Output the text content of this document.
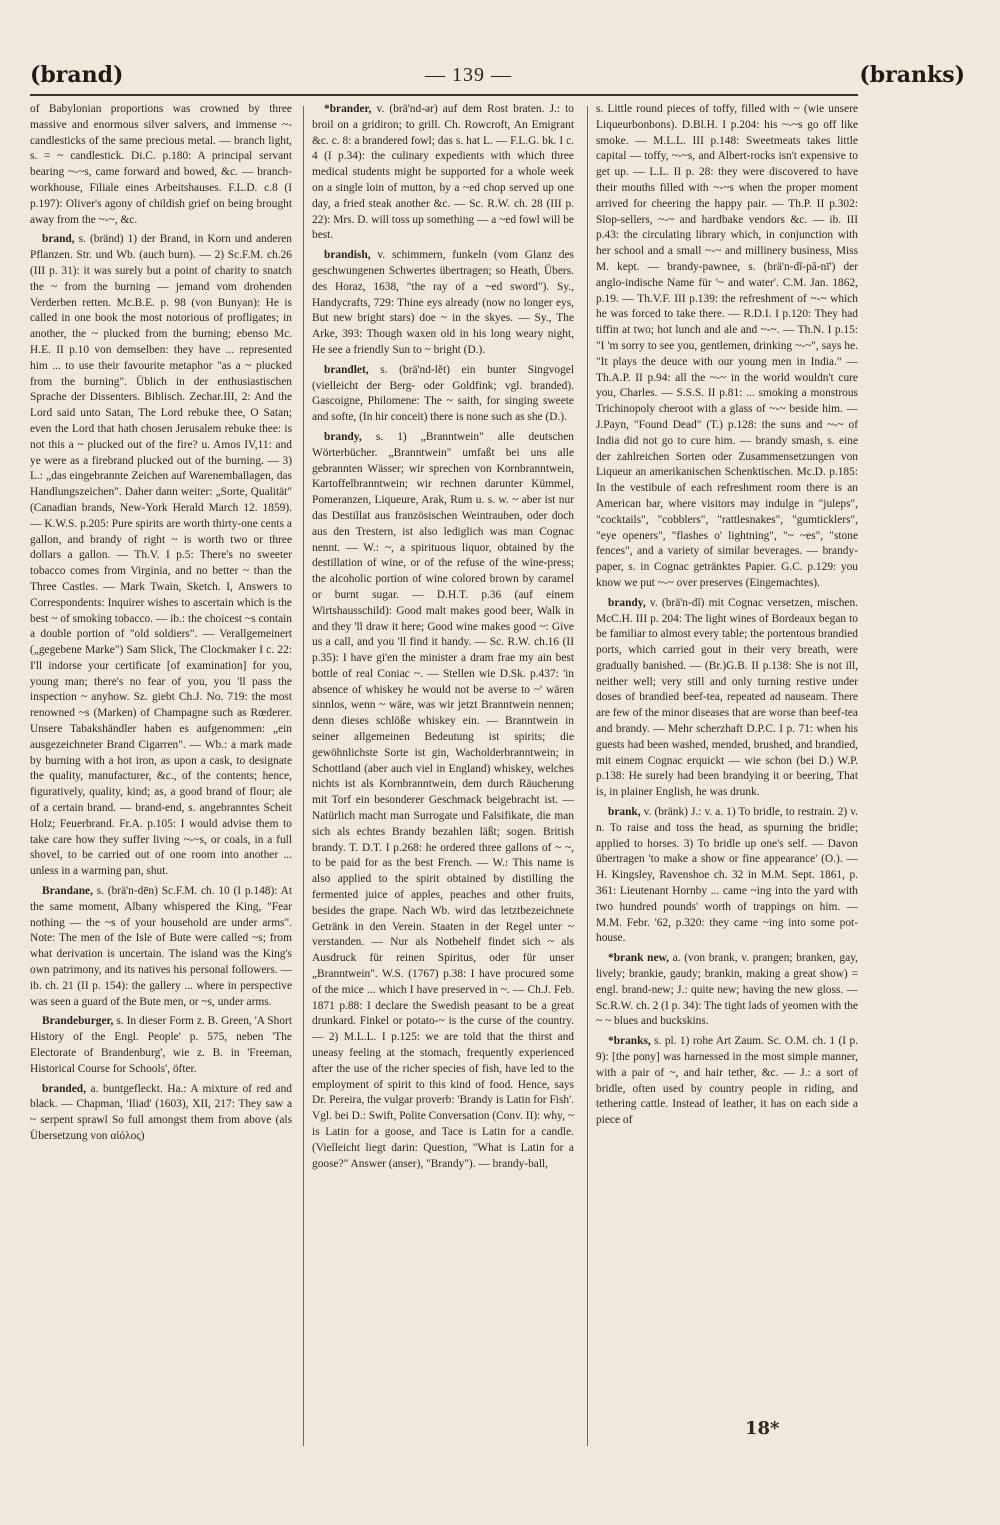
(brand)	— 139 —	(branks)

of Babylonian proportions was crowned by three massive and enormous silver salvers, and immense ~-candlesticks of the same precious metal. — branch light, s. = ~ candlestick. Di.C. p.180: A principal servant bearing ~-~s, came forward and bowed, &c. — branch-workhouse, Filiale eines Arbeitshauses. F.L.D. c.8 (I p.197): Oliver's agony of childish grief on being brought away from the ~-~, &c.

brand, s. (bränd) 1) der Brand, in Korn und anderen Pflanzen. Str. und Wb. (auch burn). — 2) Sc.F.M. ch.26 (III p. 31): it was surely but a point of charity to snatch the ~ from the burning — jemand vom drohenden Verderben retten. Mc.B.E. p. 98 (von Bunyan): He is called in one book the most notorious of profligates; in another, the ~ plucked from the burning; ebenso Mc. H.E. II p.10 von demselben: they have ... represented him ... to use their favourite metaphor "as a ~ plucked from the burning". Üblich in der enthusiastischen Sprache der Dissenters. Biblisch. Zechar.III, 2: And the Lord said unto Satan, The Lord rebuke thee, O Satan; even the Lord that hath chosen Jerusalem rebuke thee: is not this a ~ plucked out of the fire? u. Amos IV,11: and ye were as a firebrand plucked out of the burning. — 3) L.: „das eingebrannte Zeichen auf Warenemballagen, das Handlungszeichen". Daher dann weiter: „Sorte, Qualität" (Canadian brands, New-York Herald March 12. 1859). — K.W.S. p.205: Pure spirits are worth thirty-one cents a gallon, and brandy of right ~ is worth two or three dollars a gallon. — Th.V. I p.5: There's no sweeter tobacco comes from Virginia, and no better ~ than the Three Castles. — Mark Twain, Sketch. I, Answers to Correspondents: Inquirer wishes to ascertain which is the best ~ of smoking tobacco. — ib.: the choicest ~s contain a double portion of "old soldiers". — Verallgemeinert („gegebene Marke") Sam Slick, The Clockmaker I c. 22: I'll indorse your certificate [of examination] for you, young man; there's no fear of you, you 'll pass the inspection ~ anyhow. Sz. giebt Ch.J. No. 719: the most renowned ~s (Marken) of Champagne such as Rœderer. Unsere Tabakshändler haben es aufgenommen: „ein ausgezeichneter Brand Cigarren". — Wb.: a mark made by burning with a hot iron, as upon a cask, to designate the quality, manufacturer, &c., of the contents; hence, figuratively, quality, kind; as, a good brand of flour; ale of a certain brand. — brand-end, s. angebranntes Scheit Holz; Feuerbrand. Fr.A. p.105: I would advise them to take care how they suffer living ~-~s, or coals, in a full shovel, to be carried out of one room into another ... unless in a warming pan, shut.

Brandane, s. (brä'n-dēn) Sc.F.M. ch. 10 (I p.148): At the same moment, Albany whispered the King, "Fear nothing — the ~s of your household are under arms". Note: The men of the Isle of Bute were called ~s; from what derivation is uncertain. The island was the King's own patrimony, and its natives his personal followers. — ib. ch. 21 (II p. 154): the gallery ... where in perspective was seen a guard of the Bute men, or ~s, under arms.

Brandeburger, s. In dieser Form z. B. Green, 'A Short History of the Engl. People' p. 575, neben 'The Electorate of Brandenburg', wie z. B. in 'Freeman, Historical Course for Schools', öfter.

branded, a. buntgefleckt. Ha.: A mixture of red and black. — Chapman, 'Iliad' (1603), XII, 217: They saw a ~ serpent sprawl So full amongst them from above (als Übersetzung von αἰόλος)

*brander, v. (brä'nd-ər) auf dem Rost braten. J.: to broil on a gridiron; to grill. Ch. Rowcroft, An Emigrant &c. c. 8: a brandered fowl; das s. hat L. — F.L.G. bk. I c. 4 (I p.34): the culinary expedients with which three medical students might be supported for a whole week on a single loin of mutton, by a ~ed chop served up one day, a fried steak another &c. — Sc. R.W. ch. 28 (III p. 22): Mrs. D. will toss up something — a ~ed fowl will be best.

brandish, v. schimmern, funkeln (vom Glanz des geschwungenen Schwertes übertragen; so Heath, Übers. des Horaz, 1638, "the ray of a ~ed sword"). Sy., Handycrafts, 729: Thine eys already (now no longer eys, But new bright stars) doe ~ in the skyes. — Sy., The Arke, 393: Though waxen old in his long weary night, He see a friendly Sun to ~ bright (D.).

brandlet, s. (brä'nd-lět) ein bunter Singvogel (vielleicht der Berg- oder Goldfink; vgl. branded). Gascoigne, Philomene: The ~ saith, for singing sweete and softe, (In hir conceit) there is none such as she (D.).

brandy, s. 1) „Branntwein" alle deutschen Wörterbücher. „Branntwein" umfaßt bei uns alle gebrannten Wässer; wir sprechen von Kornbranntwein, Kartoffelbranntwein; wir rechnen darunter Kümmel, Pomeranzen, Liqueure, Arak, Rum u. s. w. ~ aber ist nur das Destillat aus französischen Weintrauben, oder doch aus den Trestern, ist also lediglich was man Cognac nennt. — W.: ~, a spirituous liquor, obtained by the destillation of wine, or of the refuse of the wine-press; the alcoholic portion of wine colored brown by caramel or burnt sugar. — D.H.T. p.36 (auf einem Wirtshausschild): Good malt makes good beer, Walk in and they 'll draw it here; Good wine makes good ~: Give us a call, and you 'll find it handy. — Sc. R.W. ch.16 (II p.35): I have gi'en the minister a dram frae my ain best bottle of real Coniac ~. — Stellen wie D.Sk. p.437: 'in absence of whiskey he would not be averse to ~' wären sinnlos, wenn ~ wäre, was wir jetzt Branntwein nennen; denn dieses schlöße whiskey ein. — Branntwein in seiner allgemeinen Bedeutung ist spirits; die gewöhnlichste Sorte ist gin, Wacholderbranntwein; in Schottland (aber auch viel in England) whiskey, welches nichts ist als Kornbranntwein, dem durch Räucherung mit Torf ein besonderer Geschmack beigebracht ist. — Natürlich macht man Surrogate und Falsifikate, die man sich als echtes Brandy bezahlen läßt; sogen. British brandy. T. D.T. I p.268: he ordered three gallons of ~ ~, to be paid for as the best French. — W.: This name is also applied to the spirit obtained by distilling the fermented juice of apples, peaches and other fruits, besides the grape. Nach Wb. wird das letztbezeichnete Getränk in den Verein. Staaten in der Regel unter ~ verstanden. — Nur als Notbehelf findet sich ~ als Ausdruck für reinen Spiritus, oder für unser „Branntwein". W.S. (1767) p.38: I have procured some of the mice ... which I have preserved in ~. — Ch.J. Feb. 1871 p.88: I declare the Swedish peasant to be a great drunkard. Finkel or potato-~ is the curse of the country. — 2) M.L.L. I p.125: we are told that the thirst and uneasy feeling at the stomach, frequently experienced after the use of the richer species of fish, have led to the employment of spirit to this kind of food. Hence, says Dr. Pereira, the vulgar proverb: 'Brandy is Latin for Fish'. Vgl. bei D.: Swift, Polite Conversation (Conv. II): why, ~ is Latin for a goose, and Tace is Latin for a candle. (Vielleicht liegt darin: Question, "What is Latin for a goose?" Answer (anser), "Brandy"). — brandy-ball,

s. Little round pieces of toffy, filled with ~ (wie unsere Liqueurbonbons). D.Bl.H. I p.204: his ~-~s go off like smoke. — M.L.L. III p.148: Sweetmeats takes little capital — toffy, ~-~s, and Albert-rocks isn't expensive to get up. — L.L. II p. 28: they were discovered to have their mouths filled with ~-~s when the proper moment arrived for cheering the happy pair. — Th.P. II p.302: Slop-sellers, ~-~ and hardbake vendors &c. — ib. III p.43: the circulating library which, in conjunction with her school and a small ~-~ and millinery business, Miss M. kept. — brandy-pawnee, s. (brä'n-dĭ-pâ-nī') der anglo-indische Name für '~ and water'. C.M. Jan. 1862, p.19. — Th.V.F. III p.139: the refreshment of ~-~ which he was forced to take there. — R.D.I. I p.120: They had tiffin at two; hot lunch and ale and ~-~. — Th.N. I p.15: "I 'm sorry to see you, gentlemen, drinking ~-~", says he. "It plays the deuce with our young men in India." — Th.A.P. II p.94: all the ~-~ in the world wouldn't cure you, Charles. — S.S.S. II p.81: ... smoking a monstrous Trichinopoly cheroot with a glass of ~-~ beside him. — J.Payn, "Found Dead" (T.) p.128: the suns and ~-~ of India did not go to cure him. — brandy smash, s. eine der zahlreichen Sorten oder Zusammensetzungen von Liqueur an amerikanischen Schenktischen. Mc.D. p.185: In the vestibule of each refreshment room there is an American bar, where visitors may indulge in "juleps", "cocktails", "cobblers", "rattlesnakes", "gumticklers", "eye openers", "flashes o' lightning", "~ ~es", "stone fences", and a variety of similar beverages. — brandy-paper, s. in Cognac getränktes Papier. G.C. p.129: you know we put ~-~ over preserves (Eingemachtes).

brandy, v. (brä'n-dĭ) mit Cognac versetzen, mischen. McC.H. III p. 204: The light wines of Bordeaux began to be familiar to almost every table; the portentous brandied ports, which carried gout in their very breath, were gradually banished. — (Br.)G.B. II p.138: She is not ill, neither well; very still and only turning restive under doses of brandied beef-tea, repeated ad nauseam. There are few of the minor diseases that are worse than beef-tea and brandy. — Mehr scherzhaft D.P.C. I p. 71: when his guests had been washed, mended, brushed, and brandied, mit einem Cognac erquickt — wie schon (bei D.) W.P. p.138: He surely had been brandying it or beering, That is, in plainer English, he was drunk.

brank, v. (bränk) J.: v. a. 1) To bridle, to restrain. 2) v. n. To raise and toss the head, as spurning the bridle; applied to horses. 3) To bridle up one's self. — Davon übertragen 'to make a show or fine appearance' (O.). — H. Kingsley, Ravenshoe ch. 32 in M.M. Sept. 1861, p. 361: Lieutenant Hornby ... came ~ing into the yard with two hundred pounds' worth of trappings on him. — M.M. Febr. '62, p.320: they came ~ing into some pot-house.

*brank new, a. (von brank, v. prangen; branken, gay, lively; brankie, gaudy; brankin, making a great show) = engl. brand-new; J.: quite new; having the new gloss. — Sc.R.W. ch. 2 (I p. 34): The tight lads of yeomen with the ~ ~ blues and buckskins.

*branks, s. pl. 1) rohe Art Zaum. Sc. O.M. ch. 1 (I p. 9): [the pony] was harnessed in the most simple manner, with a pair of ~, and hair tether, &c. — J.: a sort of bridle, often used by country people in riding, and tethering cattle. Instead of leather, it has on each side a piece of

18*
